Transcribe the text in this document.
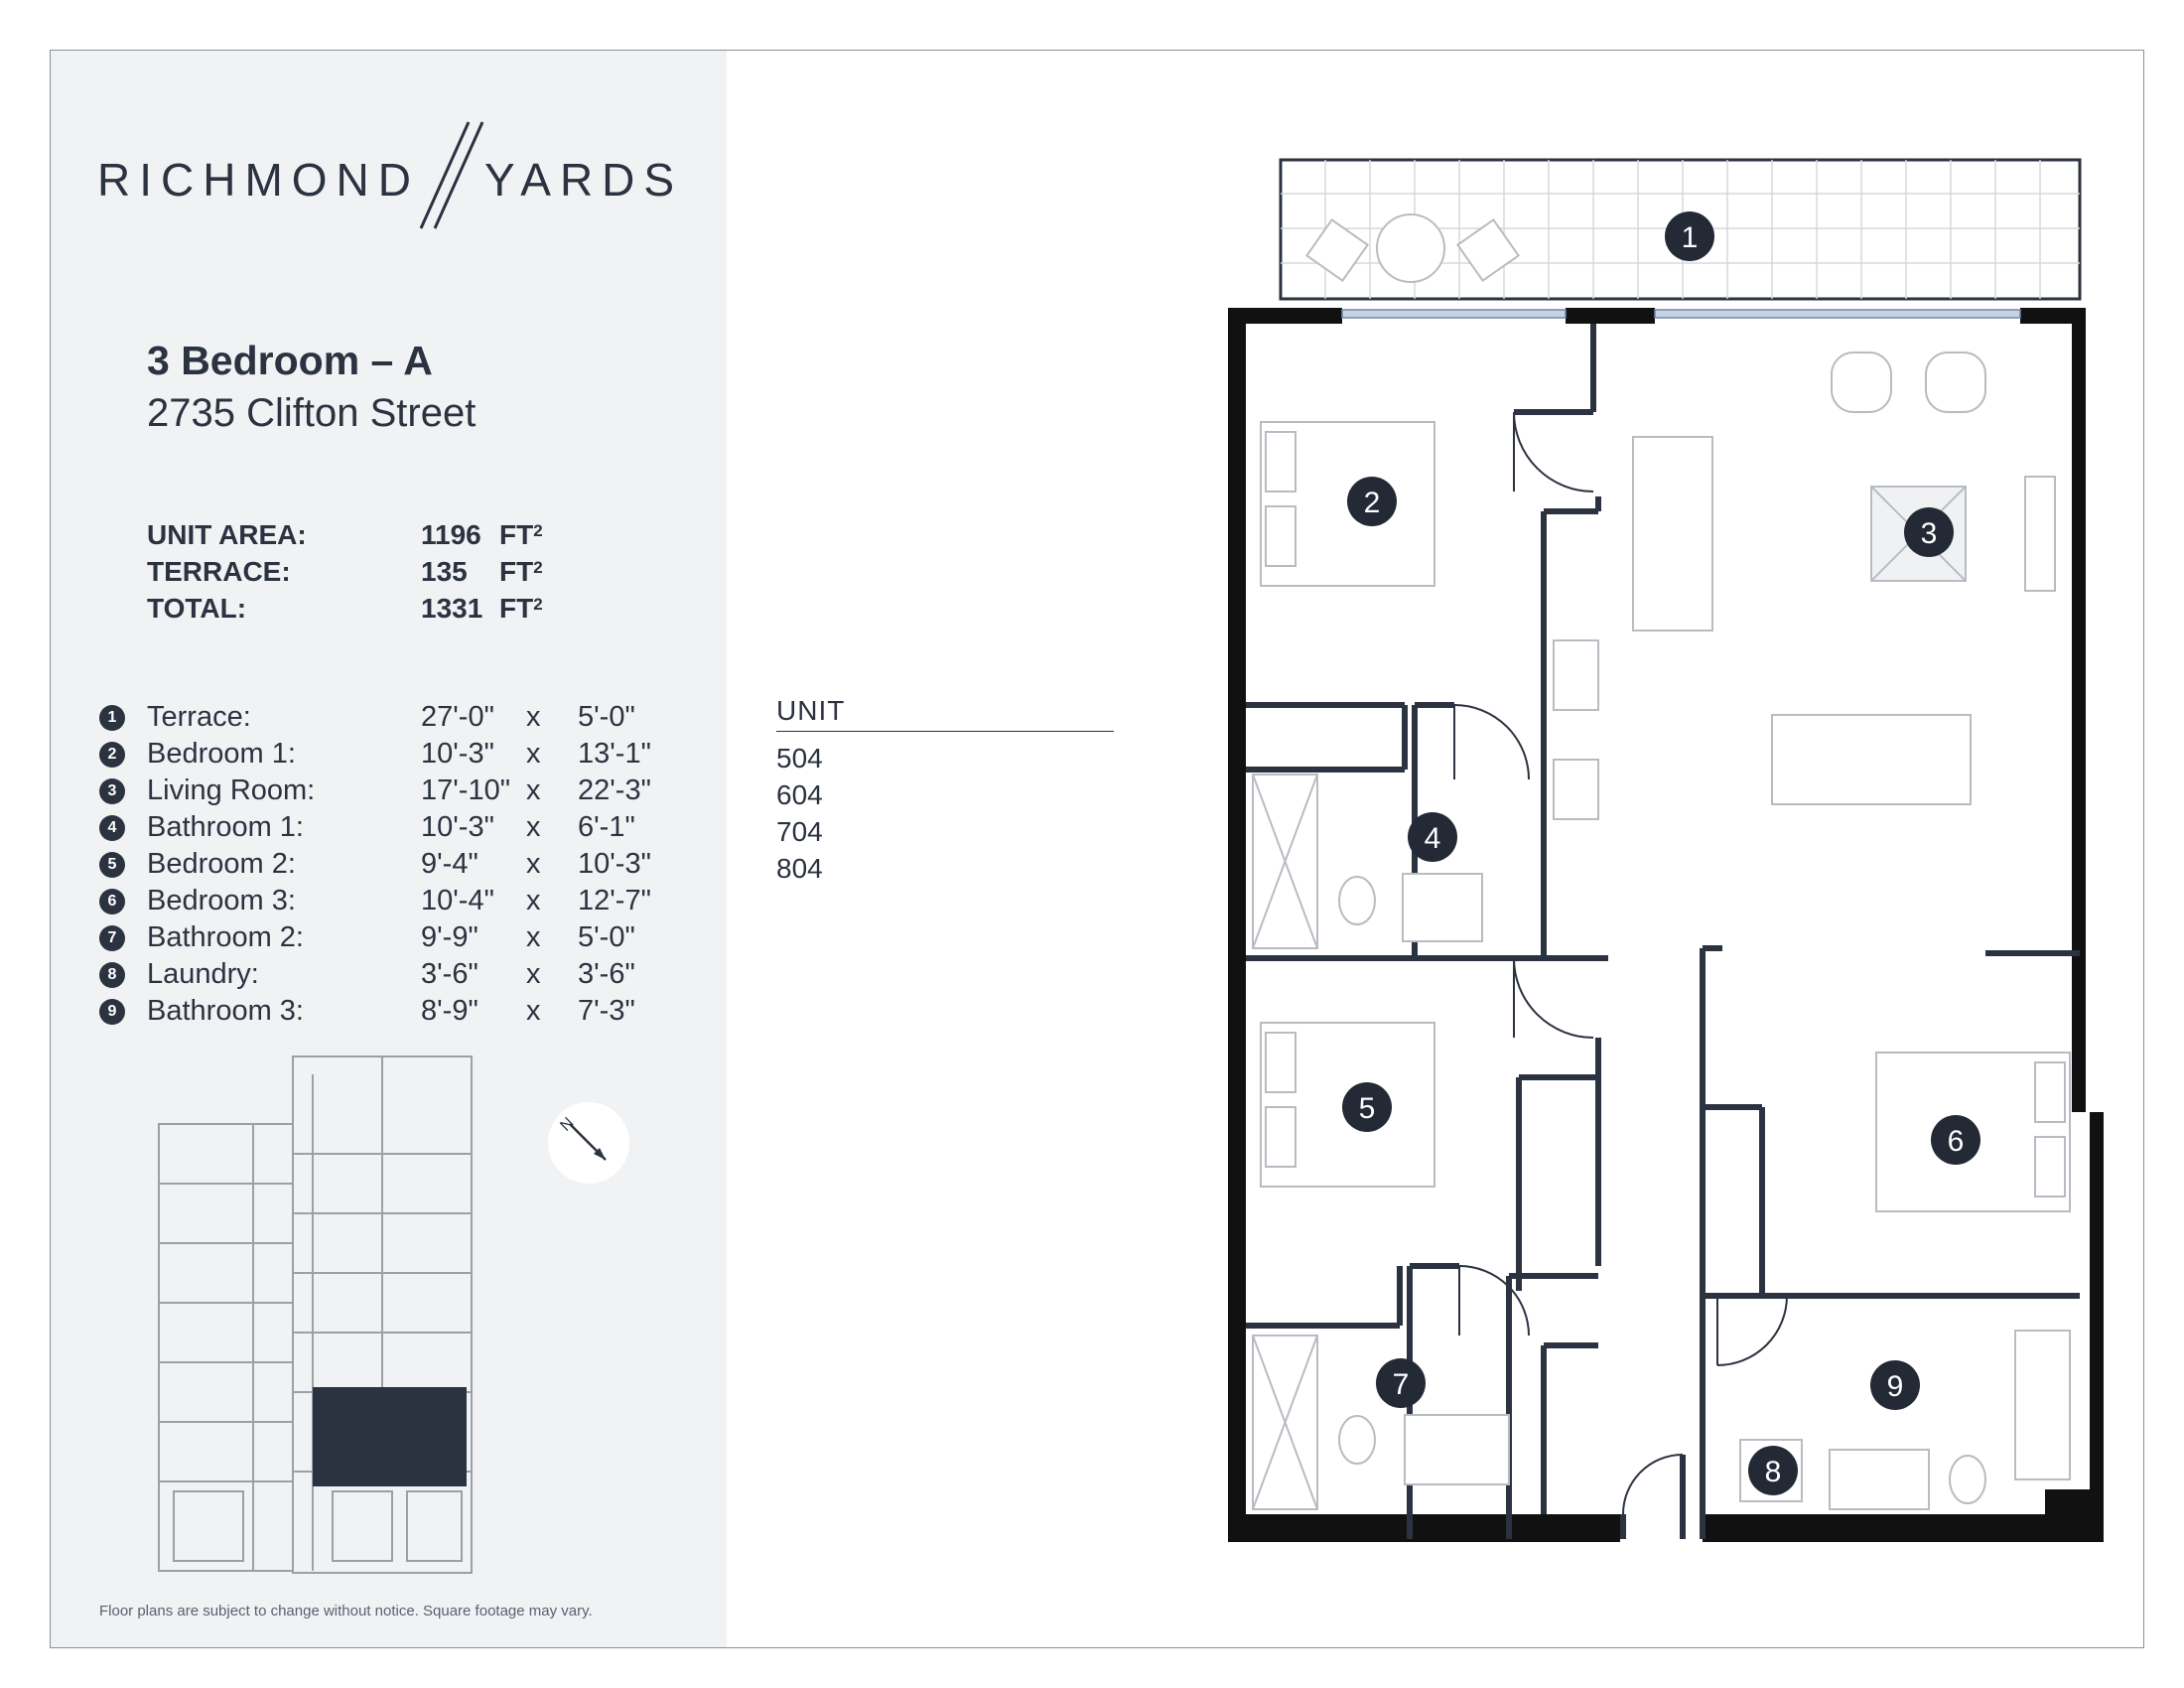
RICHMOND YARDS
3 Bedroom – A
2735 Clifton Street
UNIT AREA:	1196 $FT^2$
TERRACE:	135 $FT^2$
TOTAL:	1331 $FT^2$
1 Terrace:	27'-0" x 5'-0"
2 Bedroom 1:	10'-3" x 13'-1"
3 Living Room:	17'-10" x 22'-3"
4 Bathroom 1:	10'-3" x 6'-1"
5 Bedroom 2:	9'-4" x 10'-3"
6 Bedroom 3:	10'-4" x 12'-7"
7 Bathroom 2:	9'-9" x 5'-0"
8 Laundry:	3'-6" x 3'-6"
9 Bathroom 3:	8'-9" x 7'-3"
N
Floor plans are subject to change without notice. Square footage may vary.
UNIT
504
604
704
804
1
2
3
4
5
6
7
8
9
